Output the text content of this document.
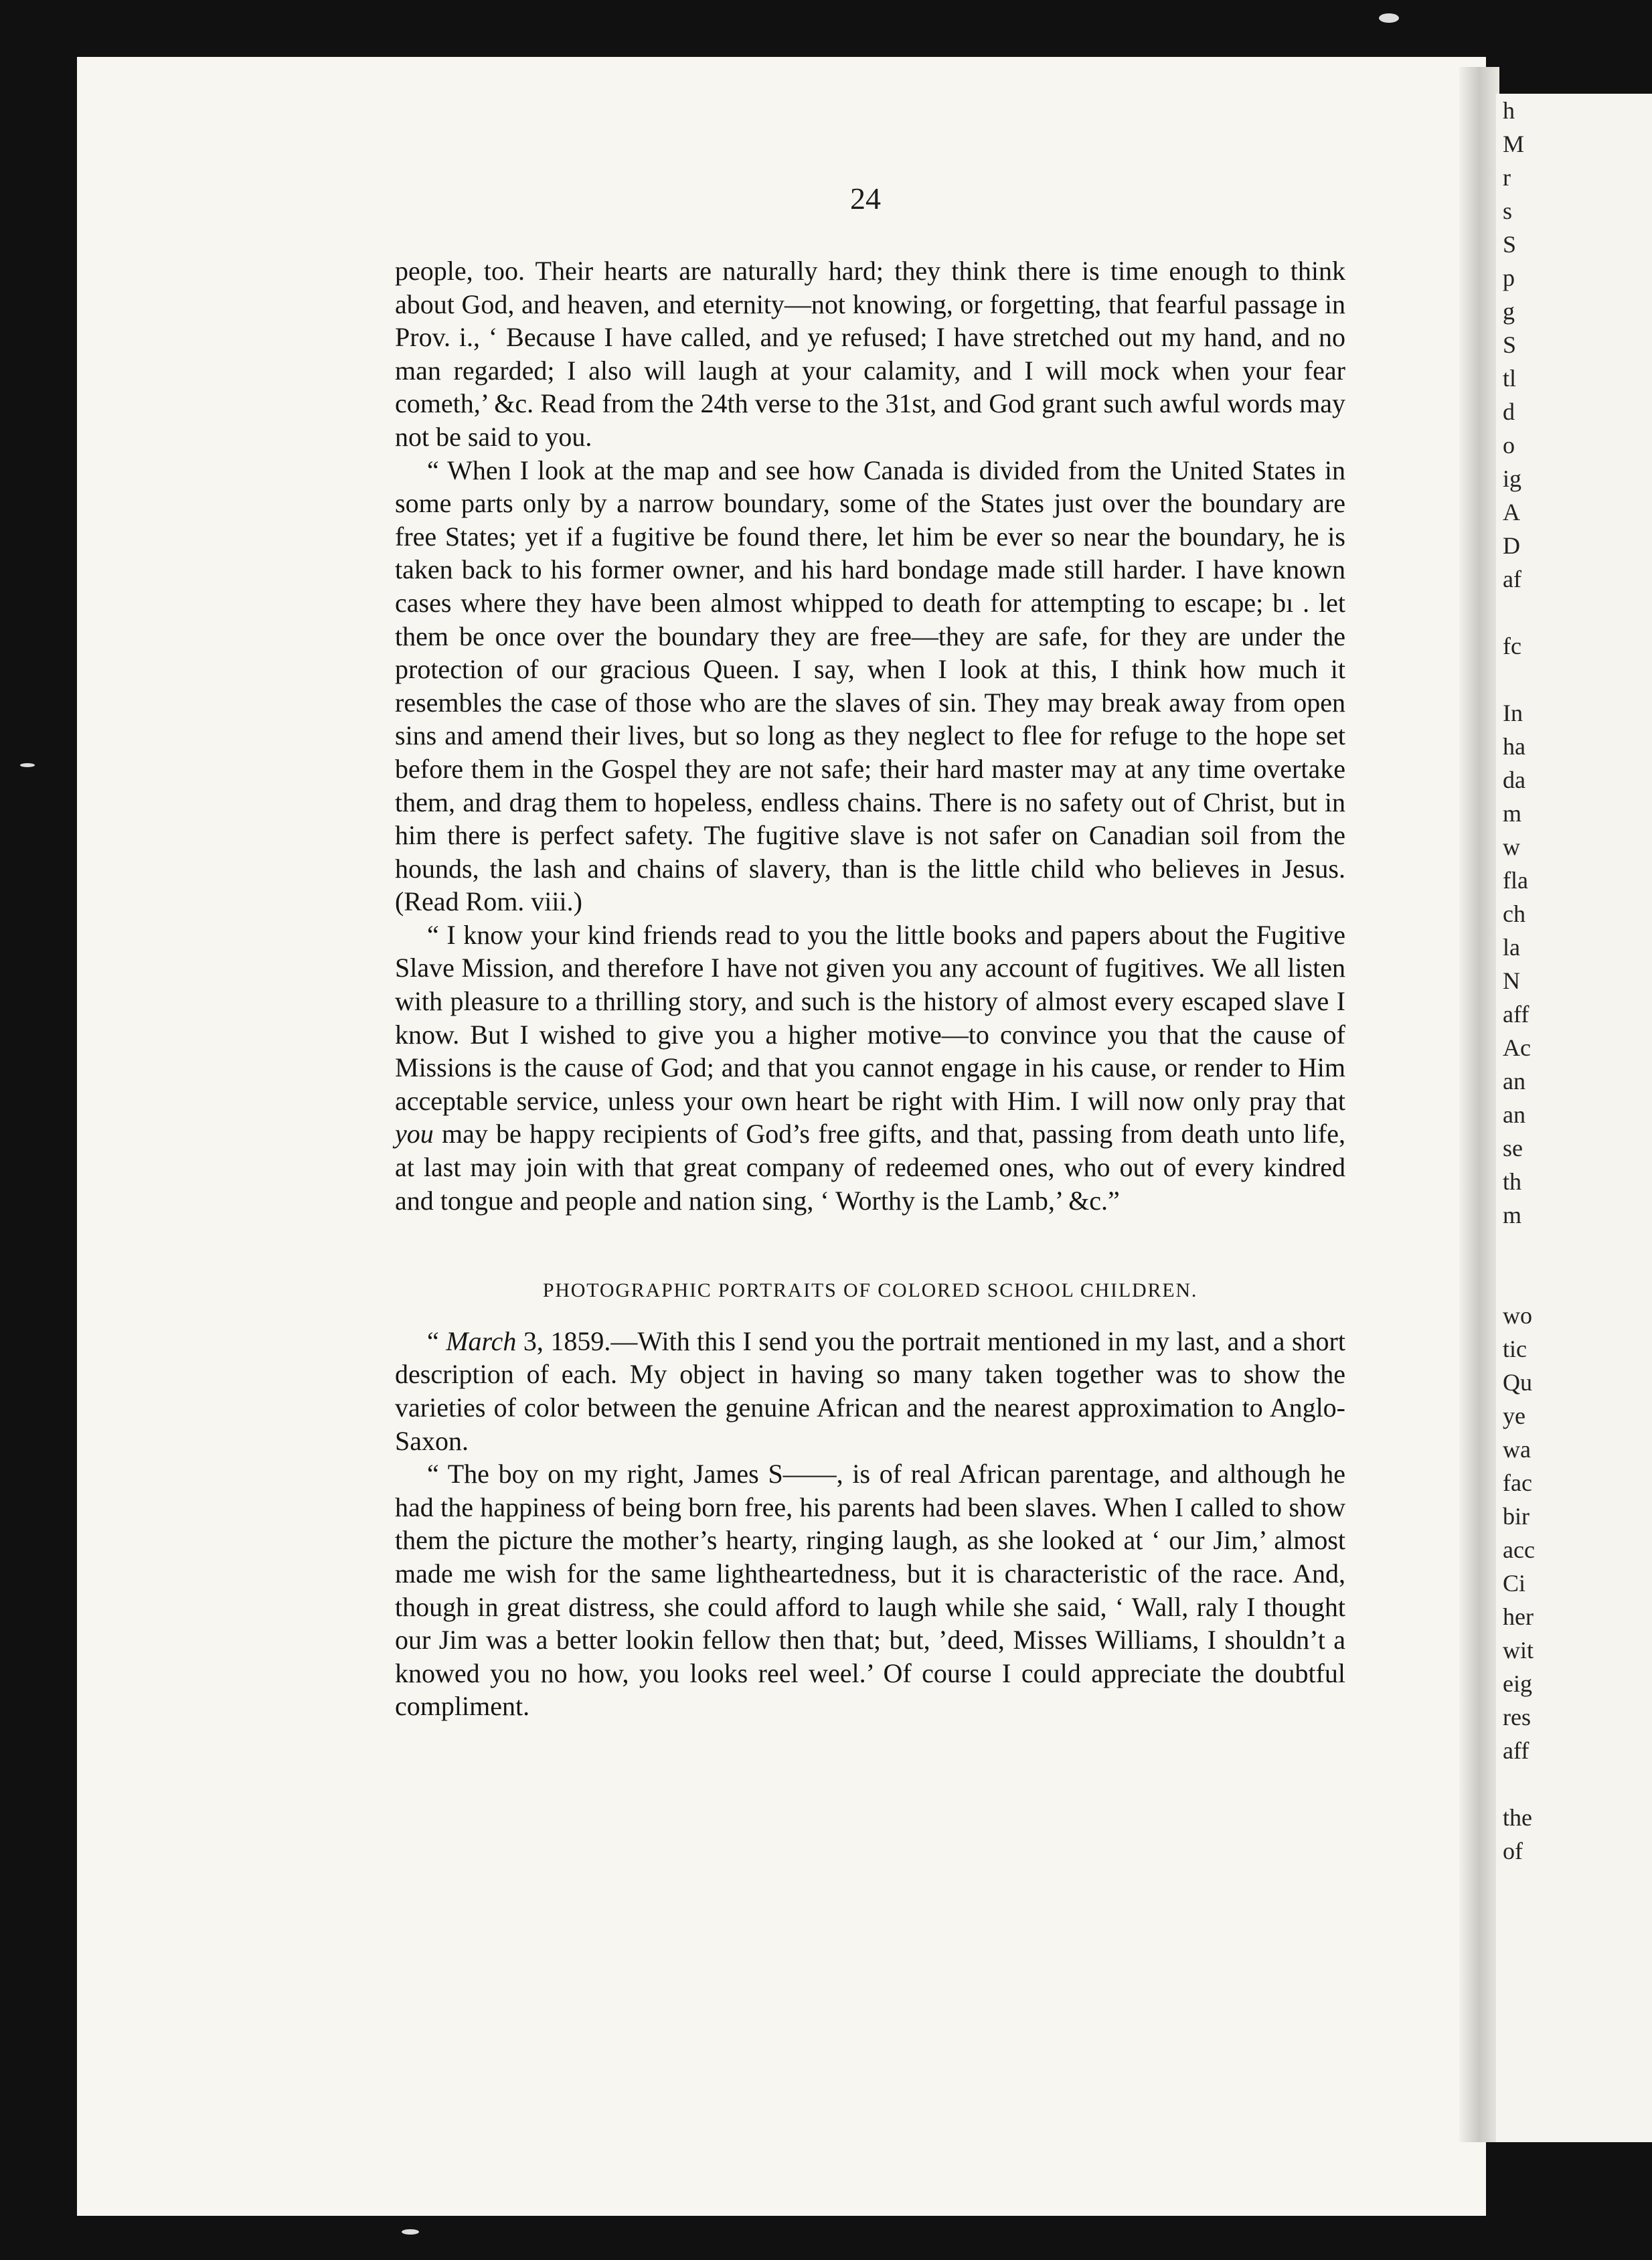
h
M
r
s
S
p
g
S
tl
d
o
ig
A
D
af
fc
In
ha
da
m
w
fla
ch
la
N
aff
Ac
an
an
se
th
m
wo
tic
Qu
ye
wa
fac
bir
acc
Ci
her
wit
eig
res
aff
the
of
24

people, too. Their hearts are naturally hard; they think there is time enough to think about God, and heaven, and eternity—not knowing, or forgetting, that fearful passage in Prov. i., ‘ Because I have called, and ye refused; I have stretched out my hand, and no man regarded; I also will laugh at your calamity, and I will mock when your fear cometh,’ &c. Read from the 24th verse to the 31st, and God grant such awful words may not be said to you.

“ When I look at the map and see how Canada is divided from the United States in some parts only by a narrow boundary, some of the States just over the boundary are free States; yet if a fugitive be found there, let him be ever so near the boundary, he is taken back to his former owner, and his hard bondage made still harder. I have known cases where they have been almost whipped to death for attempting to escape; bı . let them be once over the boundary they are free—they are safe, for they are under the protection of our gracious Queen. I say, when I look at this, I think how much it resembles the case of those who are the slaves of sin. They may break away from open sins and amend their lives, but so long as they neglect to flee for refuge to the hope set before them in the Gospel they are not safe; their hard master may at any time overtake them, and drag them to hopeless, endless chains. There is no safety out of Christ, but in him there is perfect safety. The fugitive slave is not safer on Canadian soil from the hounds, the lash and chains of slavery, than is the little child who believes in Jesus. (Read Rom. viii.)

“ I know your kind friends read to you the little books and papers about the Fugitive Slave Mission, and therefore I have not given you any account of fugitives. We all listen with pleasure to a thrilling story, and such is the history of almost every escaped slave I know. But I wished to give you a higher motive—to convince you that the cause of Missions is the cause of God; and that you cannot engage in his cause, or render to Him acceptable service, unless your own heart be right with Him. I will now only pray that you may be happy recipients of God’s free gifts, and that, passing from death unto life, at last may join with that great company of redeemed ones, who out of every kindred and tongue and people and nation sing, ‘ Worthy is the Lamb,’ &c.”

PHOTOGRAPHIC PORTRAITS OF COLORED SCHOOL CHILDREN.

“ March 3, 1859.—With this I send you the portrait mentioned in my last, and a short description of each. My object in having so many taken together was to show the varieties of color between the genuine African and the nearest approximation to Anglo-Saxon.

“ The boy on my right, James S——, is of real African parentage, and although he had the happiness of being born free, his parents had been slaves. When I called to show them the picture the mother’s hearty, ringing laugh, as she looked at ‘ our Jim,’ almost made me wish for the same lightheartedness, but it is characteristic of the race. And, though in great distress, she could afford to laugh while she said, ‘ Wall, raly I thought our Jim was a better lookin fellow then that; but, ’deed, Misses Williams, I shouldn’t a knowed you no how, you looks reel weel.’ Of course I could appreciate the doubtful compliment.
